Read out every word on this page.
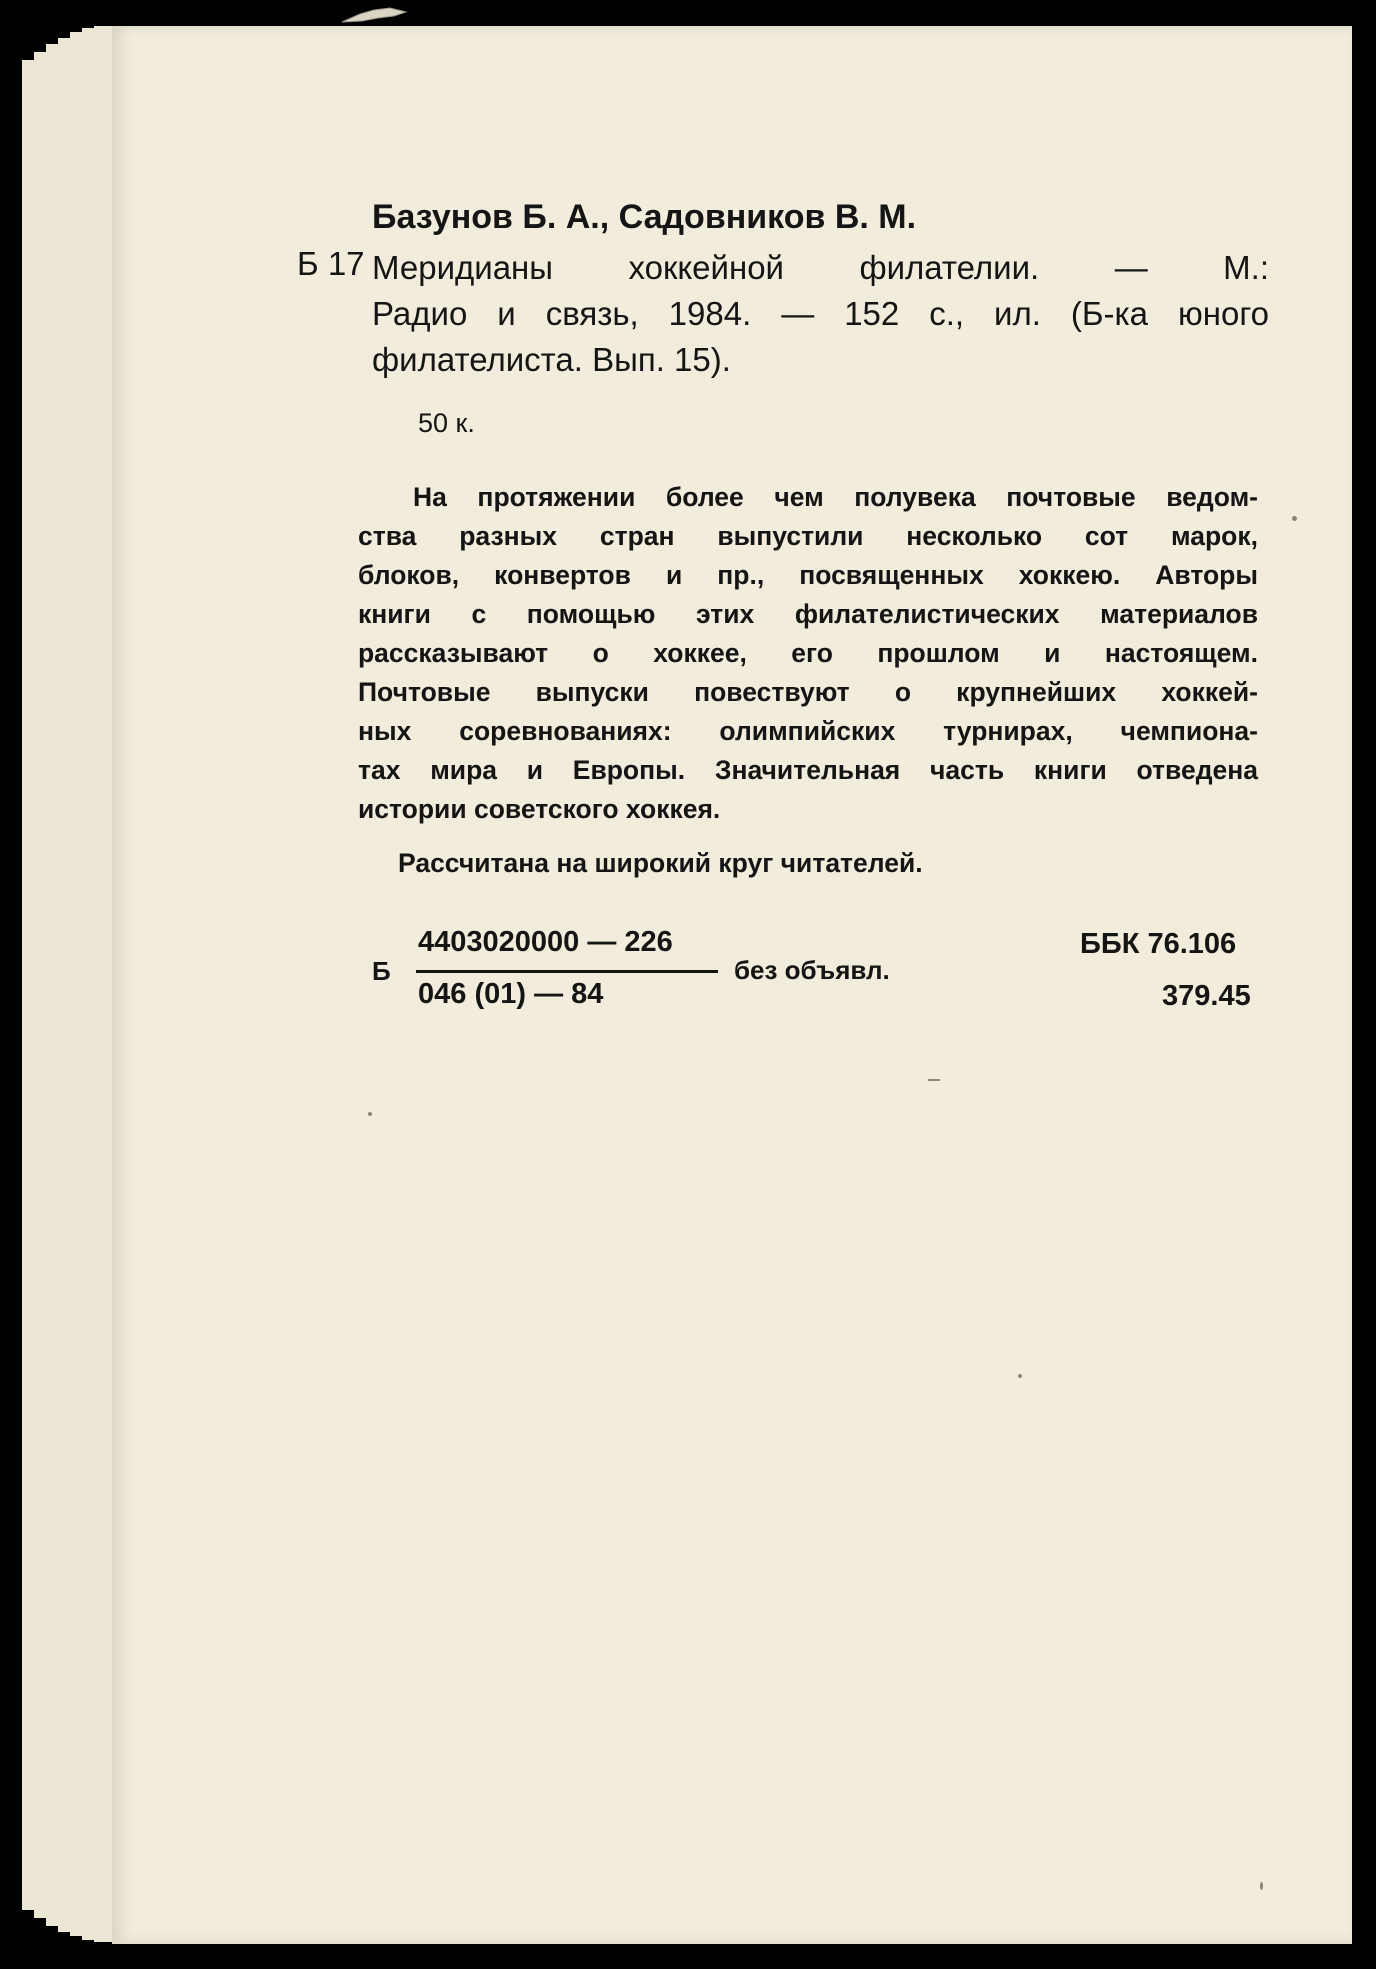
Базунов Б. А., Садовников В. М.

Б 17 Меридианы хоккейной филателии. — М.:
Радио и связь, 1984. — 152 с., ил. (Б-ка юного
филателиста. Вып. 15).

50 к.

На протяжении более чем полувека почтовые ведом-
ства разных стран выпустили несколько сот марок,
блоков, конвертов и пр., посвященных хоккею. Авторы
книги с помощью этих филателистических материалов
рассказывают о хоккее, его прошлом и настоящем.
Почтовые выпуски повествуют о крупнейших хоккей-
ных соревнованиях: олимпийских турнирах, чемпиона-
тах мира и Европы. Значительная часть книги отведена
истории советского хоккея.

Рассчитана на широкий круг читателей.

Б

4403020000 — 226

046 (01) — 84

без объявл.

ББК 76.106

379.45
